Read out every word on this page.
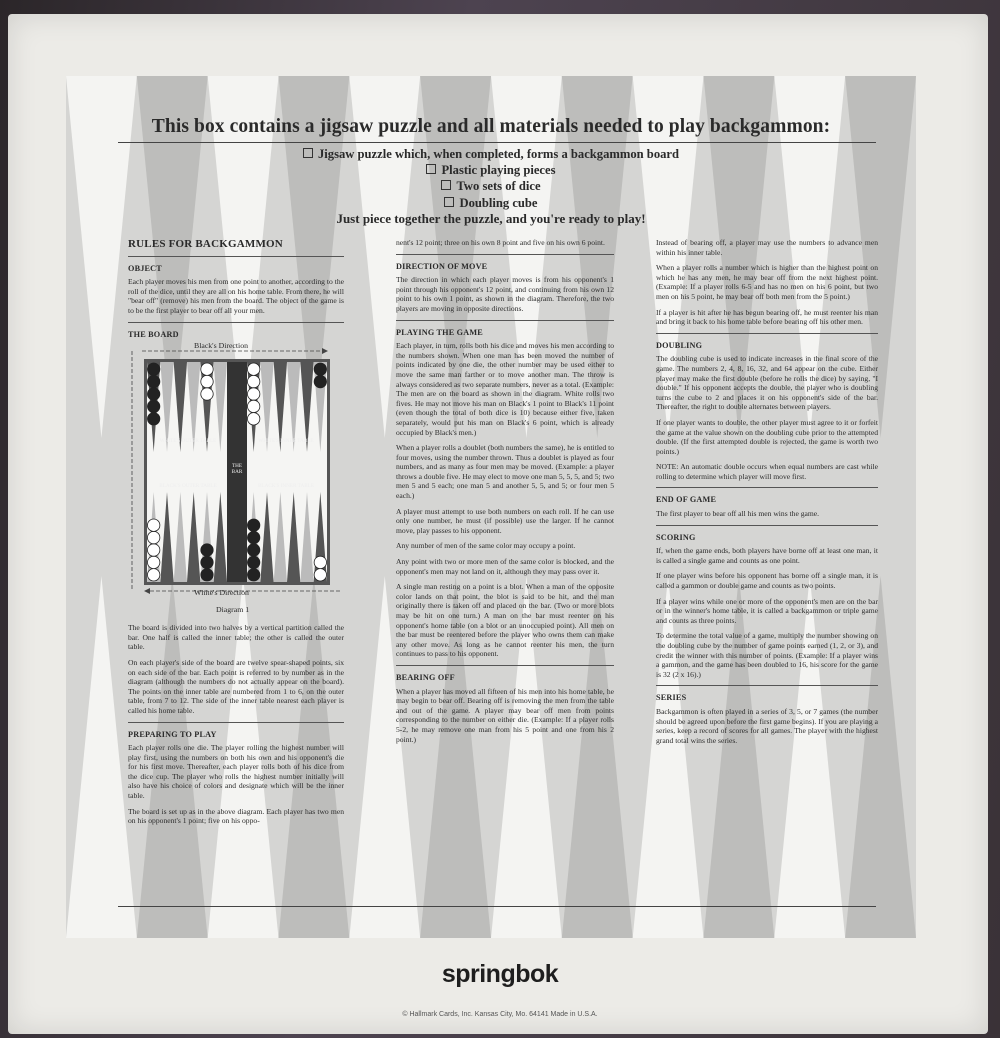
This box contains a jigsaw puzzle and all materials needed to play backgammon:
Jigsaw puzzle which, when completed, forms a backgammon board
Plastic playing pieces
Two sets of dice
Doubling cube
Just piece together the puzzle, and you're ready to play!
RULES FOR BACKGAMMON
OBJECT

Each player moves his men from one point to another, according to the roll of the dice, until they are all on his home table. From there, he will "bear off" (remove) his men from the board. The object of the game is to be the first player to bear off all your men.

THE BOARD
Black's Direction
White's Direction
WHITE'S OUTER TABLE	WHITE'S INNER TABLE
BLACK'S OUTER TABLE	BLACK'S INNER TABLE
THE BAR
Diagram 1

The board is divided into two halves by a vertical partition called the bar. One half is called the inner table; the other is called the outer table.

On each player's side of the board are twelve spear-shaped points, six on each side of the bar. Each point is referred to by number as in the diagram (although the numbers do not actually appear on the board). The points on the inner table are numbered from 1 to 6, on the outer table, from 7 to 12. The side of the inner table nearest each player is called his home table.

PREPARING TO PLAY

Each player rolls one die. The player rolling the highest number will play first, using the numbers on both his own and his opponent's die for his first move. Thereafter, each player rolls both of his dice from the dice cup. The player who rolls the highest number initially will also have his choice of colors and designate which will be the inner table.

The board is set up as in the above diagram. Each player has two men on his opponent's 1 point; five on his oppo-

nent's 12 point; three on his own 8 point and five on his own 6 point.

DIRECTION OF MOVE

The direction in which each player moves is from his opponent's 1 point through his opponent's 12 point, and continuing from his own 12 point to his own 1 point, as shown in the diagram. Therefore, the two players are moving in opposite directions.

PLAYING THE GAME

Each player, in turn, rolls both his dice and moves his men according to the numbers shown. When one man has been moved the number of points indicated by one die, the other number may be used either to move the same man farther or to move another man. The throw is always considered as two separate numbers, never as a total. (Example: The men are on the board as shown in the diagram. White rolls two fives. He may not move his man on Black's 1 point to Black's 11 point (even though the total of both dice is 10) because either five, taken separately, would put his man on Black's 6 point, which is already occupied by Black's men.)

When a player rolls a doublet (both numbers the same), he is entitled to four moves, using the number thrown. Thus a doublet is played as four numbers, and as many as four men may be moved. (Example: a player throws a double five. He may elect to move one man 5, 5, 5, and 5; two men 5 and 5 each; one man 5 and another 5, 5, and 5; or four men 5 each.)

A player must attempt to use both numbers on each roll. If he can use only one number, he must (if possible) use the larger. If he cannot move, play passes to his opponent.

Any number of men of the same color may occupy a point.

Any point with two or more men of the same color is blocked, and the opponent's men may not land on it, although they may pass over it.

A single man resting on a point is a blot. When a man of the opposite color lands on that point, the blot is said to be hit, and the man originally there is taken off and placed on the bar. (Two or more blots may be hit on one turn.) A man on the bar must reenter on his opponent's home table (on a blot or an unoccupied point). All men on the bar must be reentered before the player who owns them can make any other move. As long as he cannot reenter his men, the turn continues to pass to his opponent.

BEARING OFF

When a player has moved all fifteen of his men into his home table, he may begin to bear off. Bearing off is removing the men from the table and out of the game. A player may bear off men from points corresponding to the number on either die. (Example: If a player rolls 5-2, he may remove one man from his 5 point and one from his 2 point.)

Instead of bearing off, a player may use the numbers to advance men within his inner table.

When a player rolls a number which is higher than the highest point on which he has any men, he may bear off from the next highest point. (Example: If a player rolls 6-5 and has no men on his 6 point, but two men on his 5 point, he may bear off both men from the 5 point.)

If a player is hit after he has begun bearing off, he must reenter his man and bring it back to his home table before bearing off his other men.

DOUBLING

The doubling cube is used to indicate increases in the final score of the game. The numbers 2, 4, 8, 16, 32, and 64 appear on the cube. Either player may make the first double (before he rolls the dice) by saying, "I double." If his opponent accepts the double, the player who is doubling turns the cube to 2 and places it on his opponent's side of the bar. Thereafter, the right to double alternates between players.

If one player wants to double, the other player must agree to it or forfeit the game at the value shown on the doubling cube prior to the attempted double. (If the first attempted double is rejected, the game is worth two points.)

NOTE: An automatic double occurs when equal numbers are cast while rolling to determine which player will move first.

END OF GAME

The first player to bear off all his men wins the game.

SCORING

If, when the game ends, both players have borne off at least one man, it is called a single game and counts as one point.

If one player wins before his opponent has borne off a single man, it is called a gammon or double game and counts as two points.

If a player wins while one or more of the opponent's men are on the bar or in the winner's home table, it is called a backgammon or triple game and counts as three points.

To determine the total value of a game, multiply the number showing on the doubling cube by the number of game points earned (1, 2, or 3), and credit the winner with this number of points. (Example: If a player wins a gammon, and the game has been doubled to 16, his score for the game is 32 (2 x 16).)

SERIES

Backgammon is often played in a series of 3, 5, or 7 games (the number should be agreed upon before the first game begins). If you are playing a series, keep a record of scores for all games. The player with the highest grand total wins the series.

springbok
© Hallmark Cards, Inc. Kansas City, Mo. 64141 Made in U.S.A.
